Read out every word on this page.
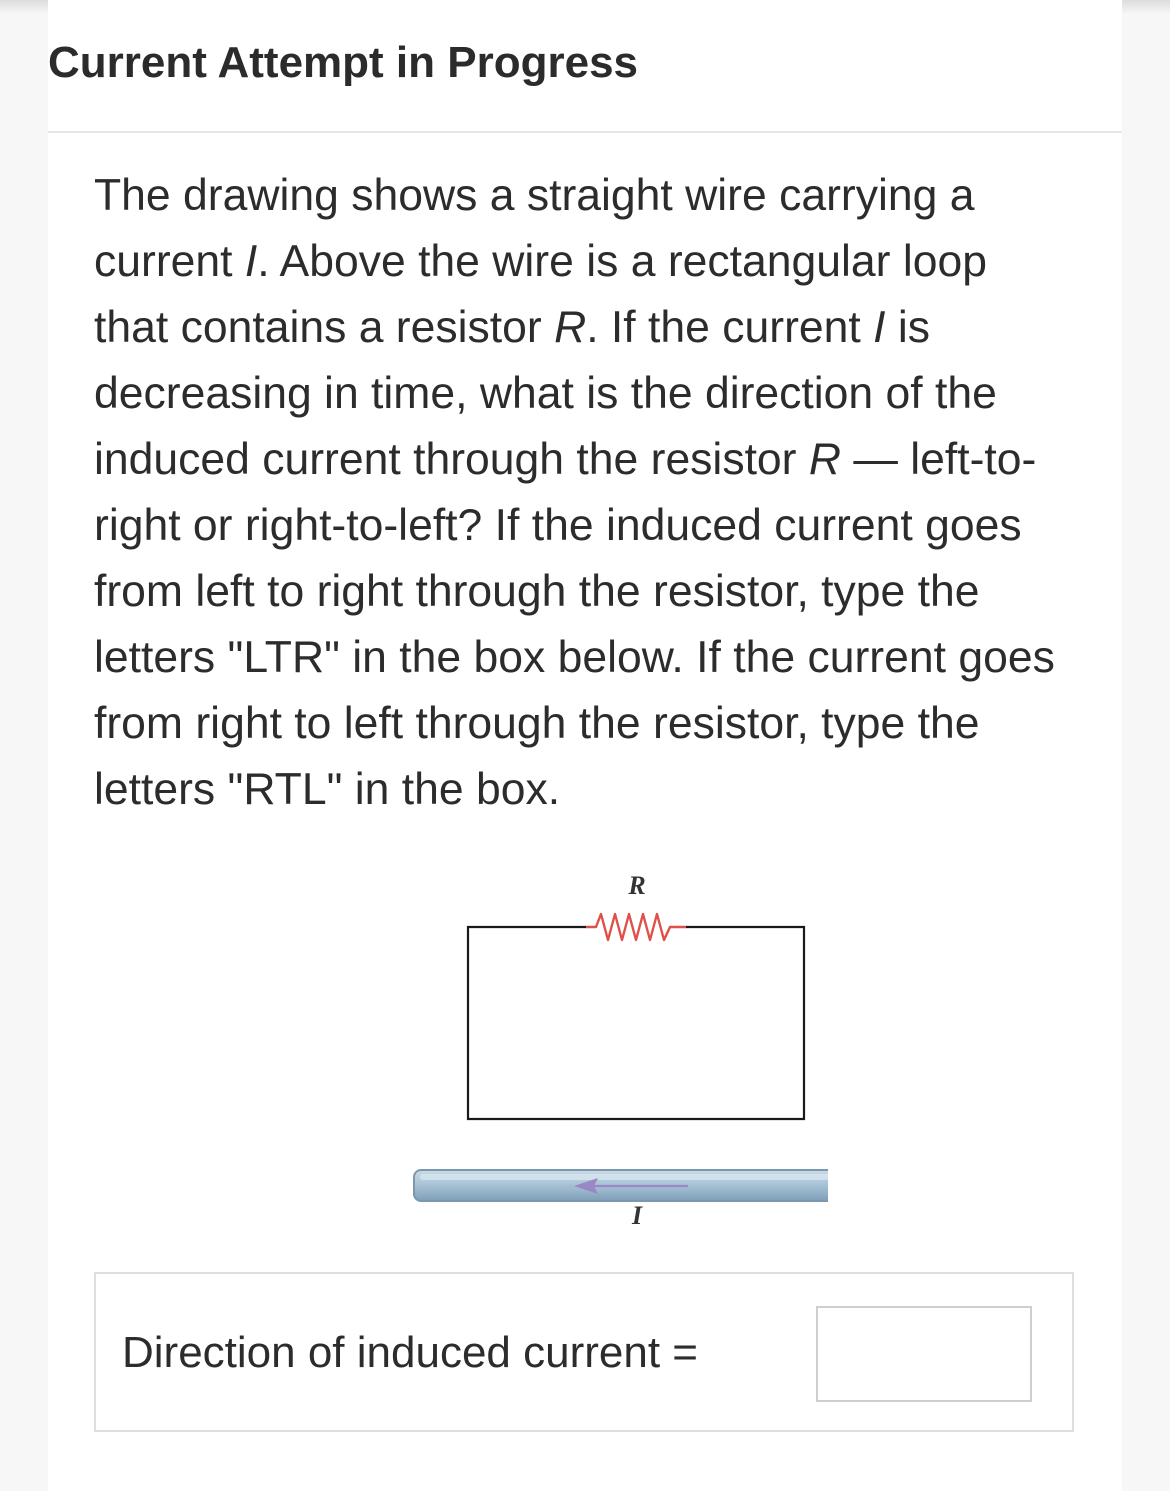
Current Attempt in Progress

The drawing shows a straight wire carrying a current I. Above the wire is a rectangular loop that contains a resistor R. If the current I is decreasing in time, what is the direction of the induced current through the resistor R — left-to-right or right-to-left? If the induced current goes from left to right through the resistor, type the letters "LTR" in the box below. If the current goes from right to left through the resistor, type the letters "RTL" in the box.

R
I
Direction of induced current =
